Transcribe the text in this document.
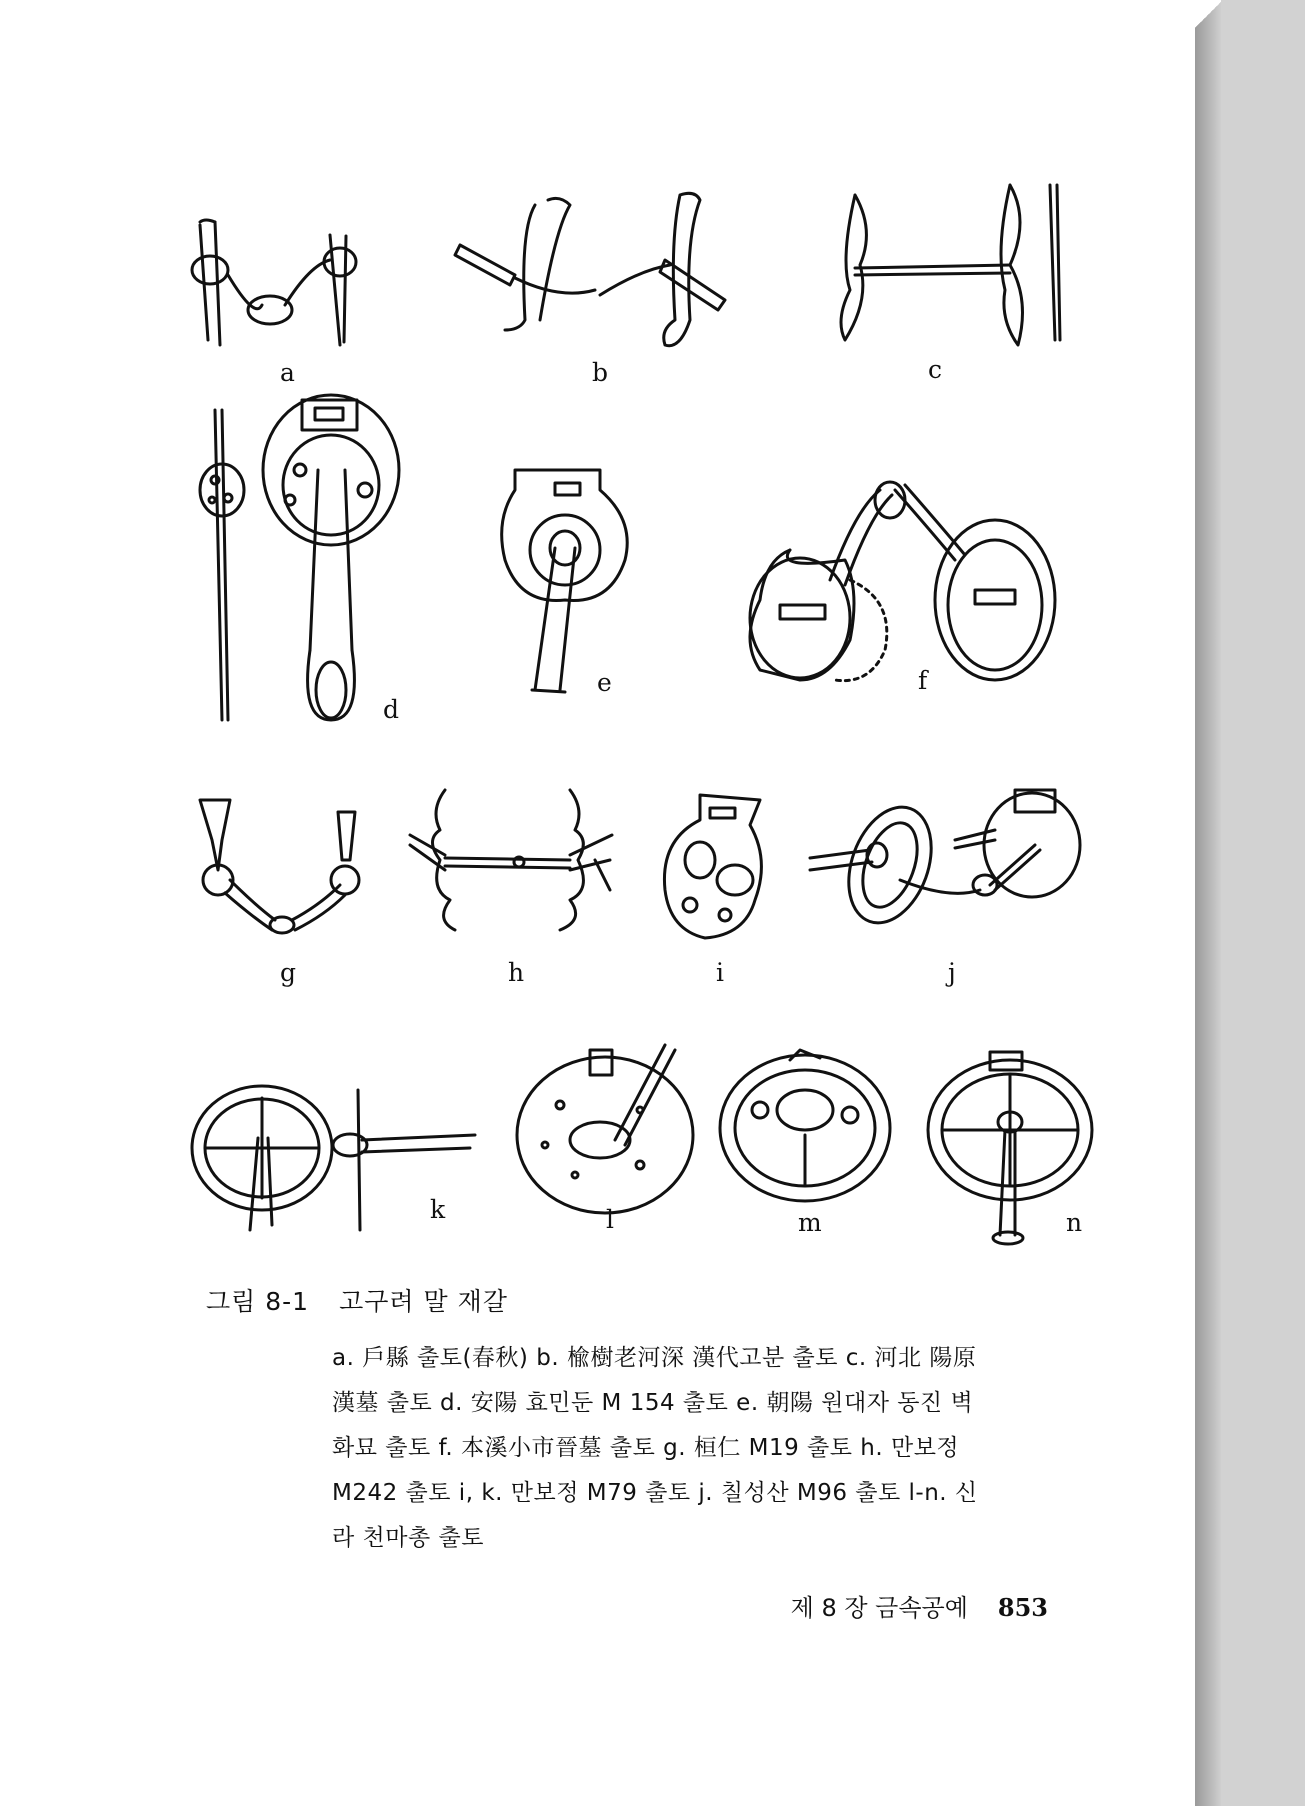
a	b	c
d
e	f
g	h	i	j
k	l	m	n
그림 8-1 고구려 말 재갈
a. 戶縣 출토(春秋) b. 楡樹老河深 漢代고분 출토 c. 河北 陽原
漢墓 출토 d. 安陽 효민둔 M 154 출토 e. 朝陽 원대자 동진 벽
화묘 출토 f. 本溪小市晉墓 출토 g. 桓仁 M19 출토 h. 만보정
M242 출토 i, k. 만보정 M79 출토 j. 칠성산 M96 출토 l-n. 신
라 천마총 출토
제 8 장 금속공예 853
